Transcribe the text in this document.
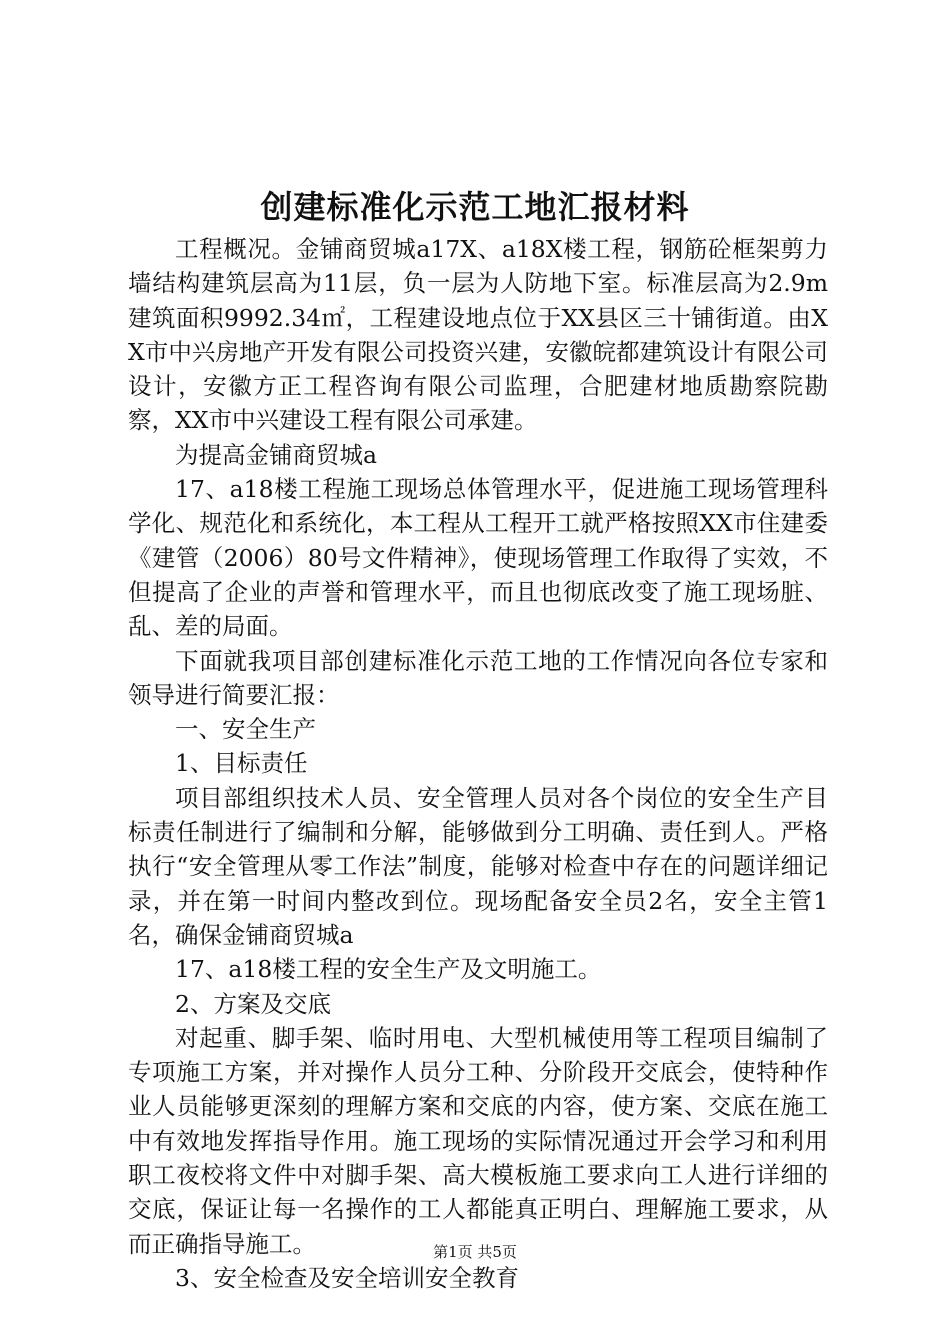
创建标准化示范工地汇报材料

工程概况。金铺商贸城a17X、a18X楼工程，钢筋砼框架剪力墙结构建筑层高为11层，负一层为人防地下室。标准层高为2.9m建筑面积9992.34㎡，工程建设地点位于XX县区三十铺街道。由XX市中兴房地产开发有限公司投资兴建，安徽皖都建筑设计有限公司设计，安徽方正工程咨询有限公司监理，合肥建材地质勘察院勘察，XX市中兴建设工程有限公司承建。

为提高金铺商贸城a

17、a18楼工程施工现场总体管理水平，促进施工现场管理科学化、规范化和系统化，本工程从工程开工就严格按照XX市住建委《建管（2006）80号文件精神》，使现场管理工作取得了实效，不但提高了企业的声誉和管理水平，而且也彻底改变了施工现场脏、乱、差的局面。

下面就我项目部创建标准化示范工地的工作情况向各位专家和领导进行简要汇报：

一、安全生产

1、目标责任

项目部组织技术人员、安全管理人员对各个岗位的安全生产目标责任制进行了编制和分解，能够做到分工明确、责任到人。严格执行“安全管理从零工作法”制度，能够对检查中存在的问题详细记录，并在第一时间内整改到位。现场配备安全员2名，安全主管1名，确保金铺商贸城a

17、a18楼工程的安全生产及文明施工。

2、方案及交底

对起重、脚手架、临时用电、大型机械使用等工程项目编制了专项施工方案，并对操作人员分工种、分阶段开交底会，使特种作业人员能够更深刻的理解方案和交底的内容，使方案、交底在施工中有效地发挥指导作用。施工现场的实际情况通过开会学习和利用职工夜校将文件中对脚手架、高大模板施工要求向工人进行详细的交底，保证让每一名操作的工人都能真正明白、理解施工要求，从而正确指导施工。

3、安全检查及安全培训安全教育

第1页 共5页
